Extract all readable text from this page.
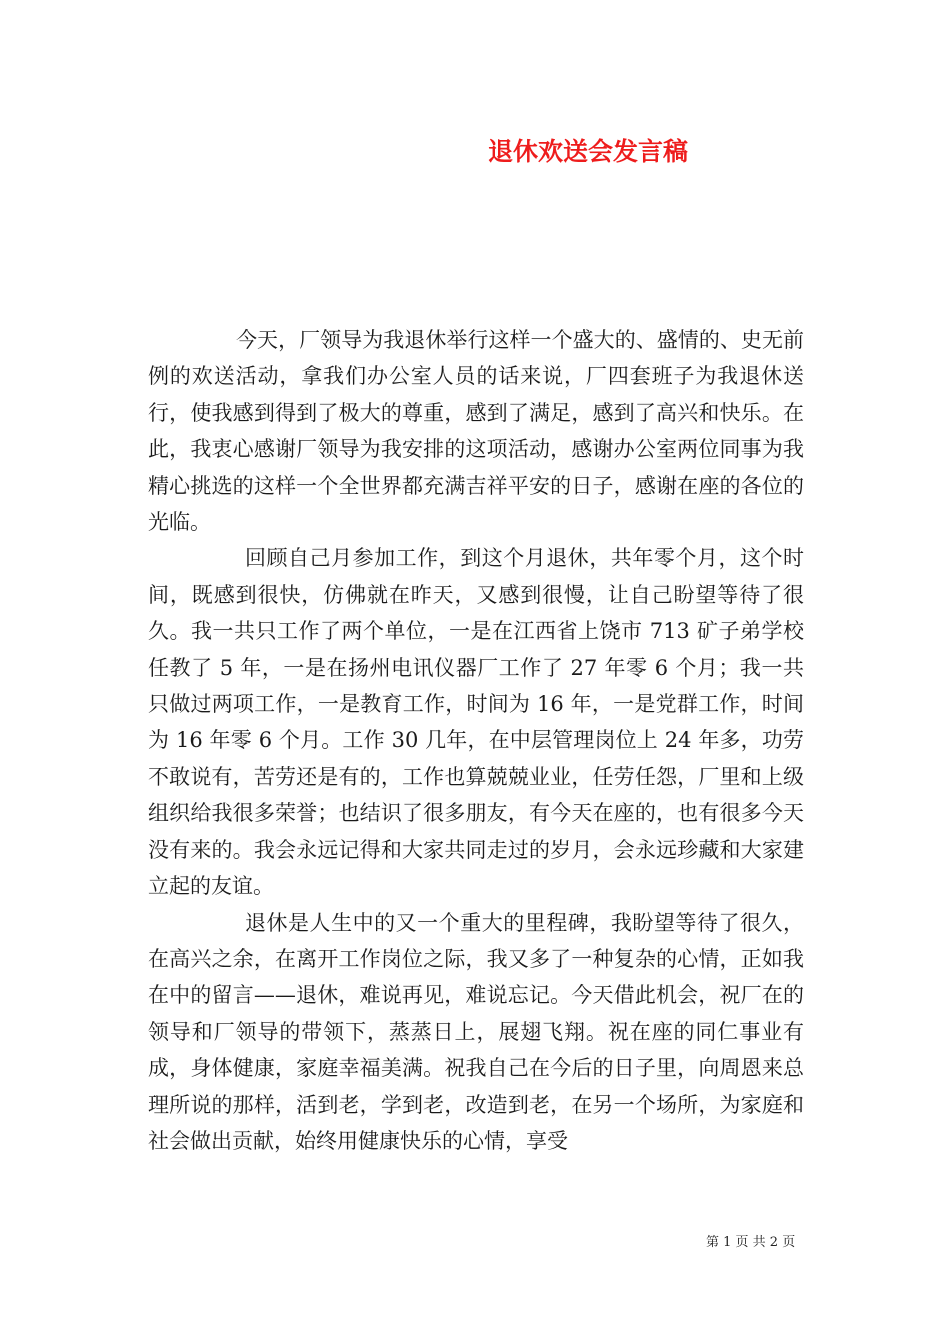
退休欢送会发言稿

今天，厂领导为我退休举行这样一个盛大的、盛情的、史无前例的欢送活动，拿我们办公室人员的话来说，厂四套班子为我退休送行，使我感到得到了极大的尊重，感到了满足，感到了高兴和快乐。在此，我衷心感谢厂领导为我安排的这项活动，感谢办公室两位同事为我精心挑选的这样一个全世界都充满吉祥平安的日子，感谢在座的各位的光临。

回顾自己月参加工作，到这个月退休，共年零个月，这个时间，既感到很快，仿佛就在昨天，又感到很慢，让自己盼望等待了很久。我一共只工作了两个单位，一是在江西省上饶市 713 矿子弟学校任教了 5 年，一是在扬州电讯仪器厂工作了 27 年零 6 个月；我一共只做过两项工作，一是教育工作，时间为 16 年，一是党群工作，时间为 16 年零 6 个月。工作 30 几年，在中层管理岗位上 24 年多，功劳不敢说有，苦劳还是有的，工作也算兢兢业业，任劳任怨，厂里和上级组织给我很多荣誉；也结识了很多朋友，有今天在座的，也有很多今天没有来的。我会永远记得和大家共同走过的岁月，会永远珍藏和大家建立起的友谊。

退休是人生中的又一个重大的里程碑，我盼望等待了很久，在高兴之余，在离开工作岗位之际，我又多了一种复杂的心情，正如我在中的留言——退休，难说再见，难说忘记。今天借此机会，祝厂在的领导和厂领导的带领下，蒸蒸日上，展翅飞翔。祝在座的同仁事业有成，身体健康，家庭幸福美满。祝我自己在今后的日子里，向周恩来总理所说的那样，活到老，学到老，改造到老，在另一个场所，为家庭和社会做出贡献，始终用健康快乐的心情，享受

第 1 页 共 2 页
